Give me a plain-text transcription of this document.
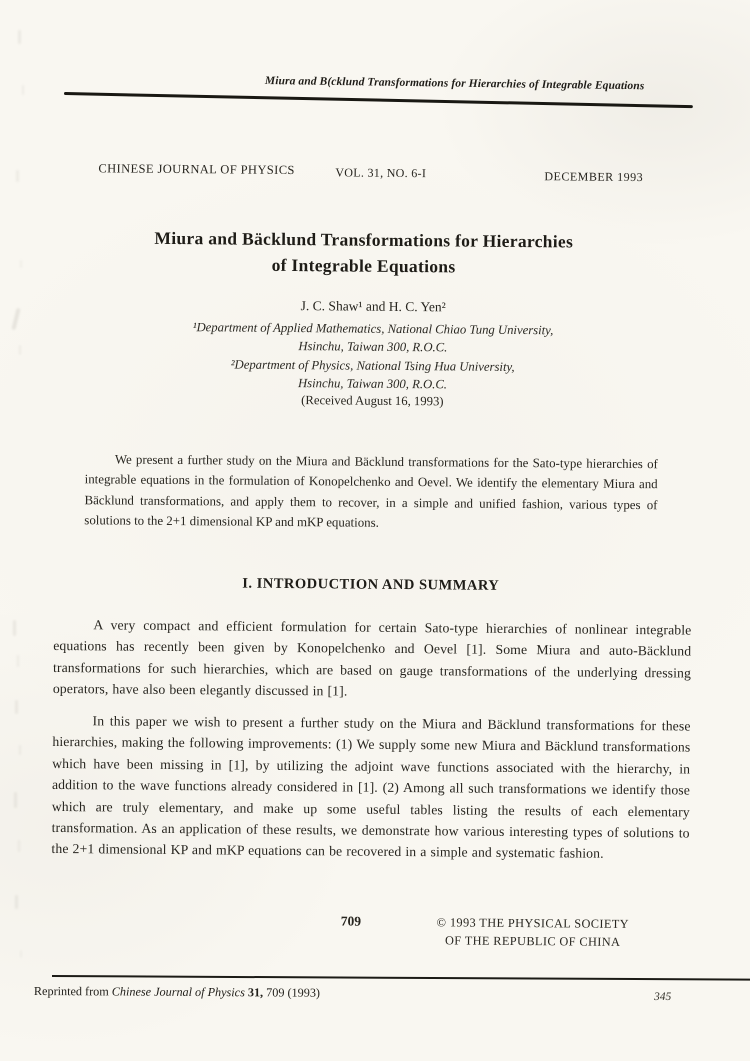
Miura and B(cklund Transformations for Hierarchies of Integrable Equations
CHINESE JOURNAL OF PHYSICS	VOL. 31, NO. 6-I	DECEMBER 1993
Miura and Bäcklund Transformations for Hierarchies
of Integrable Equations
J. C. Shaw¹ and H. C. Yen²
¹Department of Applied Mathematics, National Chiao Tung University,
Hsinchu, Taiwan 300, R.O.C.
²Department of Physics, National Tsing Hua University,
Hsinchu, Taiwan 300, R.O.C.
(Received August 16, 1993)

We present a further study on the Miura and Bäcklund transformations for the Sato-type hierarchies of integrable equations in the formulation of Konopelchenko and Oevel. We identify the elementary Miura and Bäcklund transformations, and apply them to recover, in a simple and unified fashion, various types of solutions to the 2+1 dimensional KP and mKP equations.

I. INTRODUCTION AND SUMMARY

A very compact and efficient formulation for certain Sato-type hierarchies of nonlinear integrable equations has recently been given by Konopelchenko and Oevel [1]. Some Miura and auto-Bäcklund transformations for such hierarchies, which are based on gauge transformations of the underlying dressing operators, have also been elegantly discussed in [1].

In this paper we wish to present a further study on the Miura and Bäcklund transformations for these hierarchies, making the following improvements: (1) We supply some new Miura and Bäcklund transformations which have been missing in [1], by utilizing the adjoint wave functions associated with the hierarchy, in addition to the wave functions already considered in [1]. (2) Among all such transformations we identify those which are truly elementary, and make up some useful tables listing the results of each elementary transformation. As an application of these results, we demonstrate how various interesting types of solutions to the 2+1 dimensional KP and mKP equations can be recovered in a simple and systematic fashion.

709	© 1993 THE PHYSICAL SOCIETY
OF THE REPUBLIC OF CHINA
Reprinted from Chinese Journal of Physics 31, 709 (1993)	345
